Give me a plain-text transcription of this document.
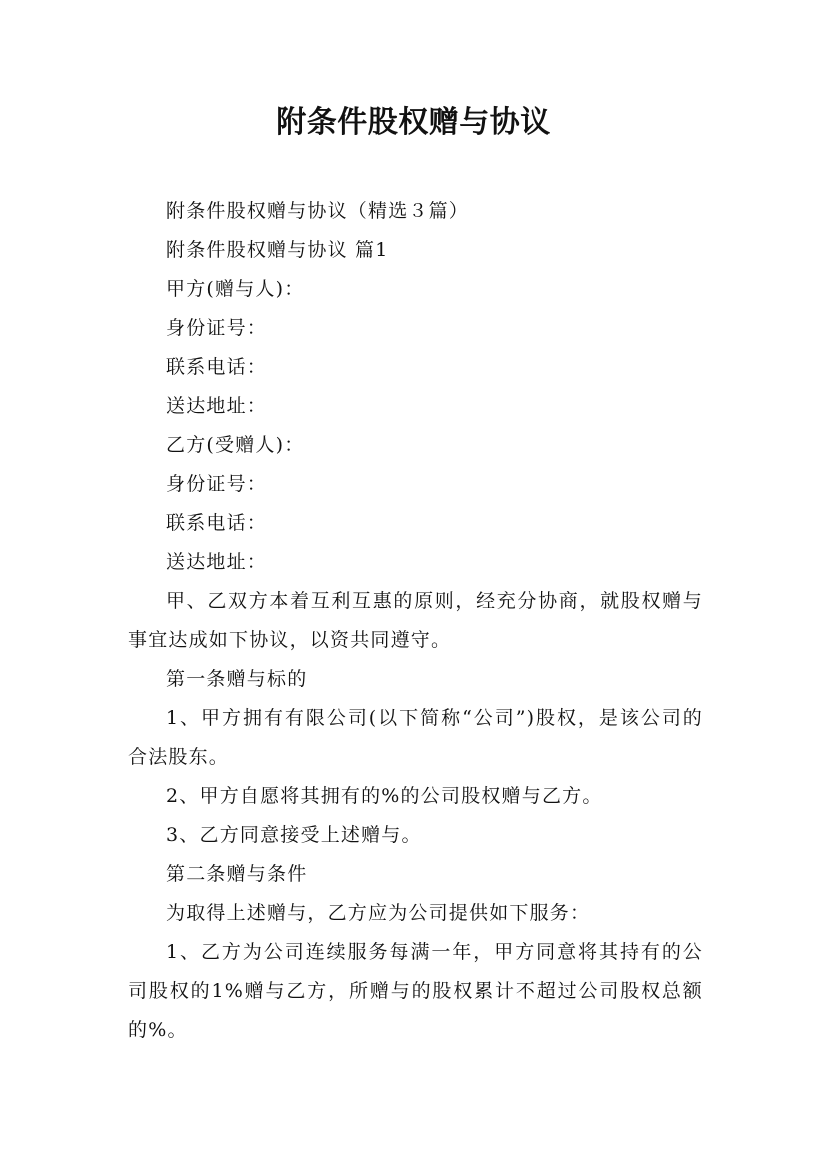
附条件股权赠与协议

附条件股权赠与协议（精选３篇）

附条件股权赠与协议 篇1

甲方(赠与人)：

身份证号：

联系电话：

送达地址：

乙方(受赠人)：

身份证号：

联系电话：

送达地址：

甲、乙双方本着互利互惠的原则，经充分协商，就股权赠与事宜达成如下协议，以资共同遵守。

第一条赠与标的

1、甲方拥有有限公司(以下简称“公司”)股权，是该公司的合法股东。

2、甲方自愿将其拥有的%的公司股权赠与乙方。

3、乙方同意接受上述赠与。

第二条赠与条件

为取得上述赠与，乙方应为公司提供如下服务：

1、乙方为公司连续服务每满一年，甲方同意将其持有的公司股权的1%赠与乙方，所赠与的股权累计不超过公司股权总额的%。
